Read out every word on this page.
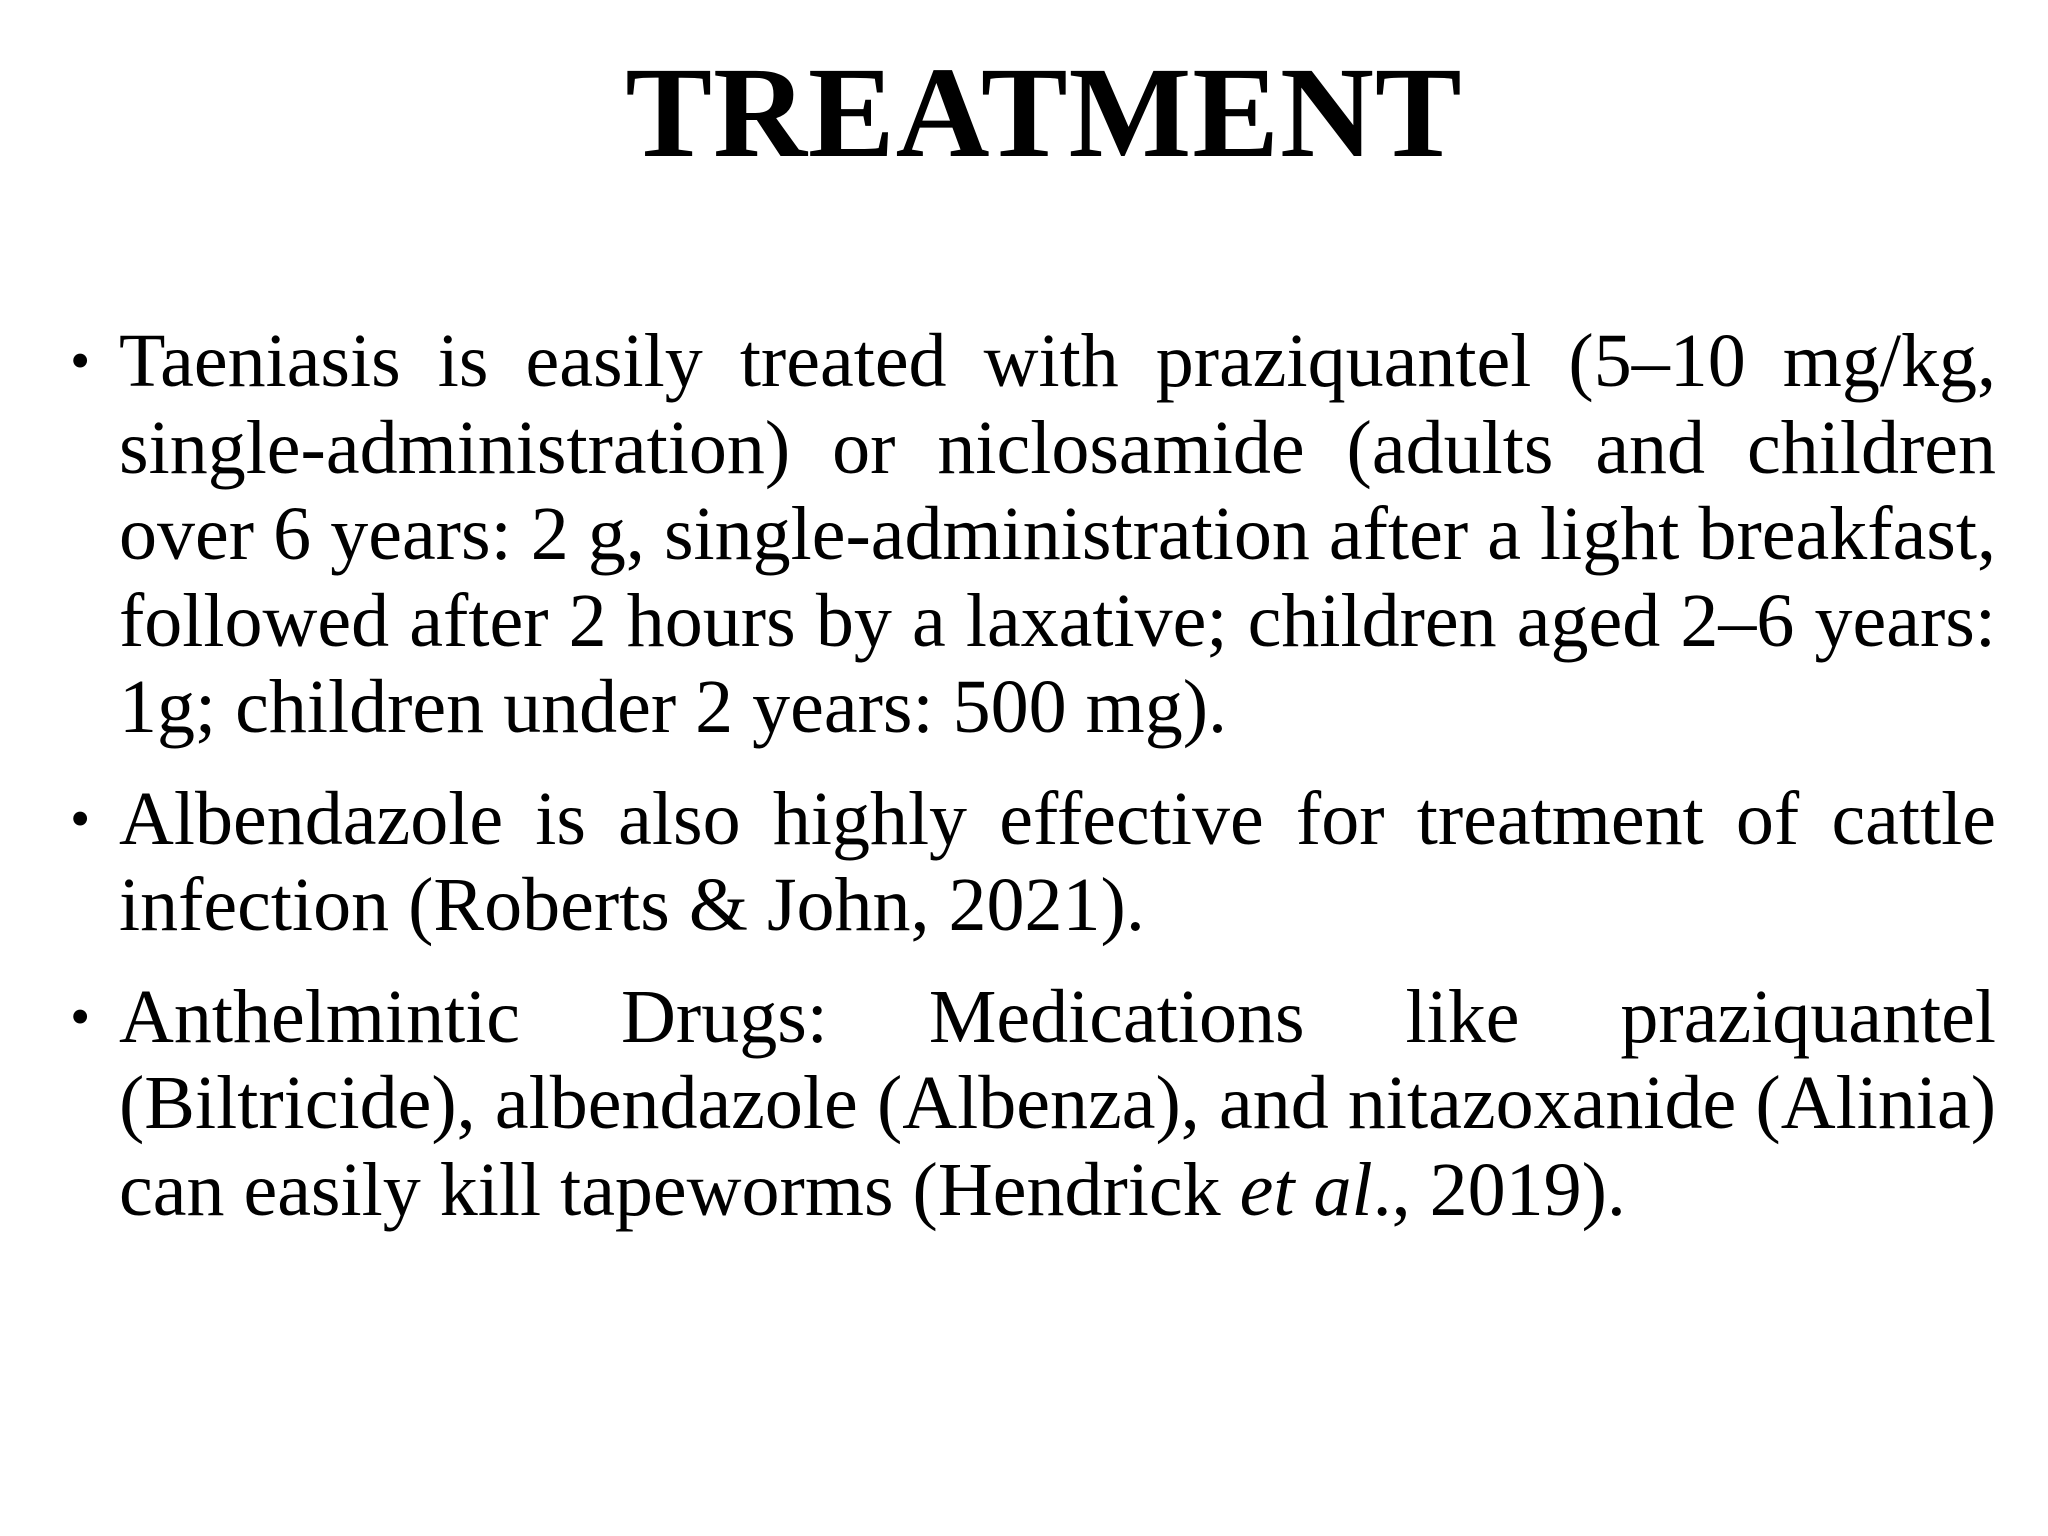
TREATMENT
• Taeniasis is easily treated with praziquantel (5–10 mg/kg, single-administration) or niclosamide (adults and children over 6 years: 2 g, single-administration after a light breakfast, followed after 2 hours by a laxative; children aged 2–6 years: 1g; children under 2 years: 500 mg).
• Albendazole is also highly effective for treatment of cattle infection (Roberts & John, 2021).
• Anthelmintic Drugs: Medications like praziquantel (Biltricide), albendazole (Albenza), and nitazoxanide (Alinia) can easily kill tapeworms (Hendrick et al., 2019).
